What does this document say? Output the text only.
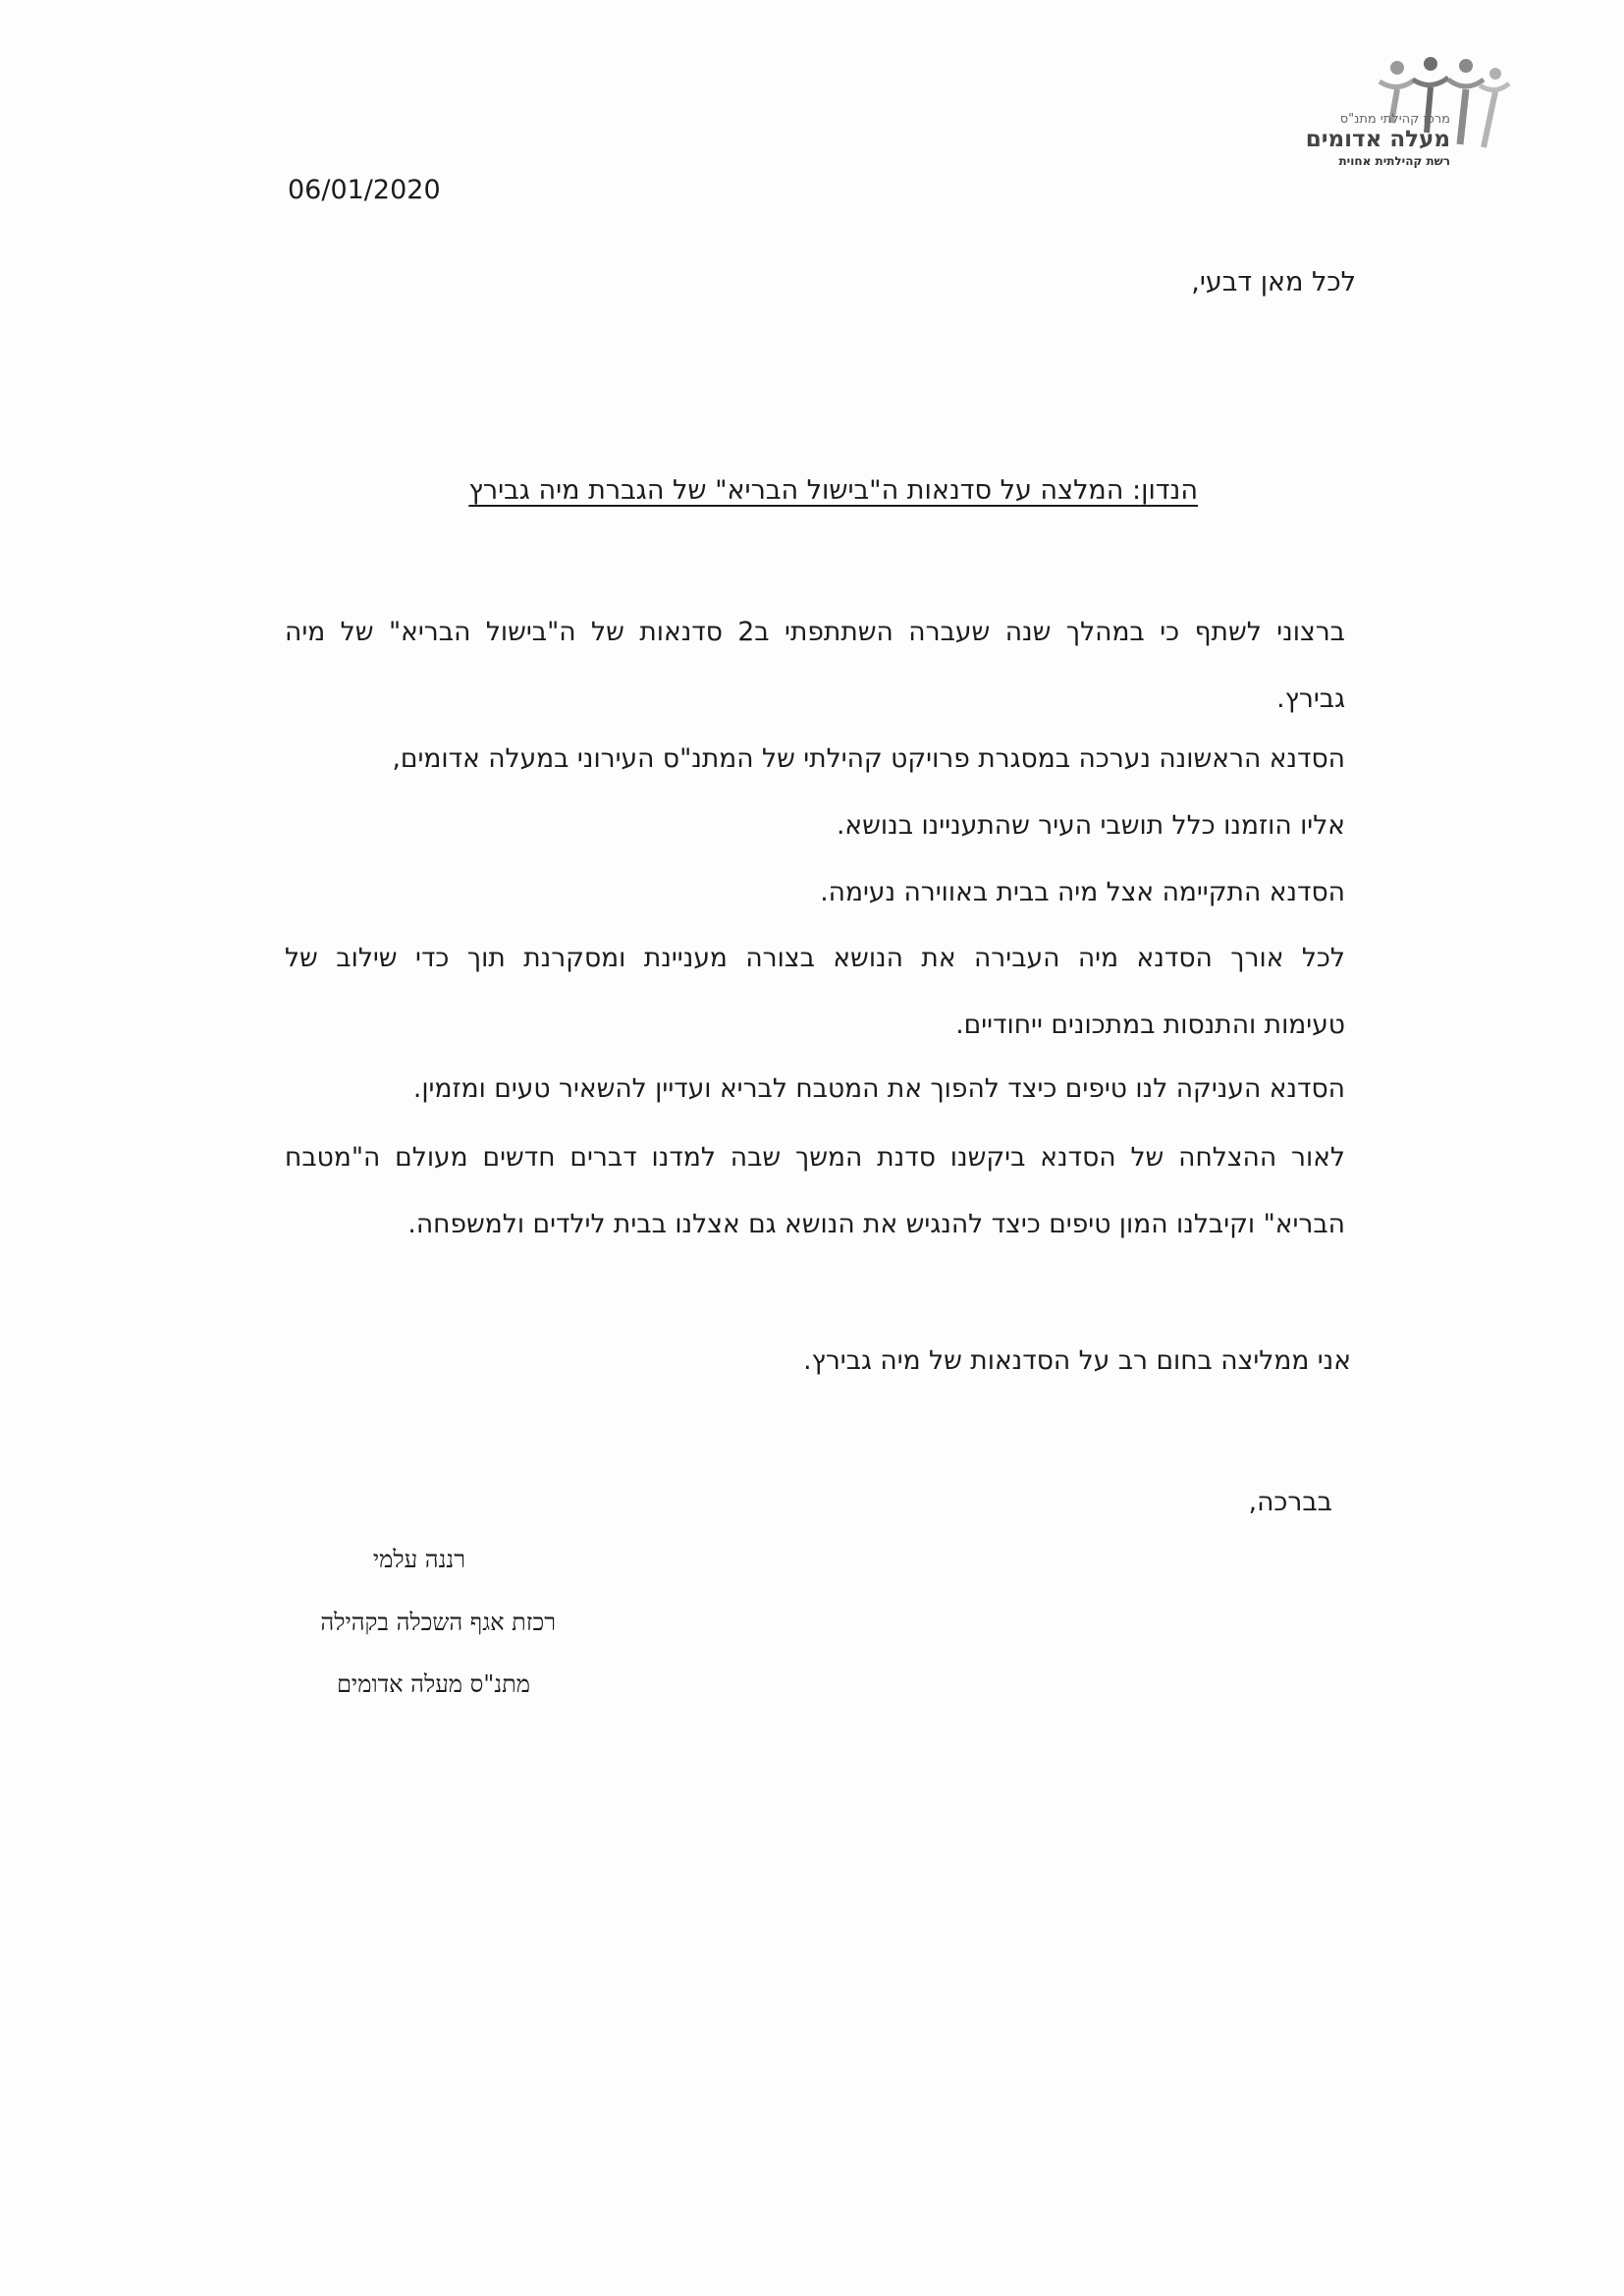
מרכז קהילתי מתנ"ס
מעלה אדומים
רשת קהילתית אחוית
06/01/2020
לכל מאן דבעי,
הנדון: המלצה על סדנאות ה"בישול הבריא" של הגברת מיה גבירץ
ברצוני לשתף כי במהלך שנה שעברה השתתפתי ב2 סדנאות של ה"בישול הבריא" של מיה
גבירץ.
הסדנא הראשונה נערכה במסגרת פרויקט קהילתי של המתנ"ס העירוני במעלה אדומים,
אליו הוזמנו כלל תושבי העיר שהתעניינו בנושא.
הסדנא התקיימה אצל מיה בבית באווירה נעימה.
לכל אורך הסדנא מיה העבירה את הנושא בצורה מעניינת ומסקרנת תוך כדי שילוב של
טעימות והתנסות במתכונים ייחודיים.
הסדנא העניקה לנו טיפים כיצד להפוך את המטבח לבריא ועדיין להשאיר טעים ומזמין.
לאור ההצלחה של הסדנא ביקשנו סדנת המשך שבה למדנו דברים חדשים מעולם ה"מטבח
הבריא" וקיבלנו המון טיפים כיצד להנגיש את הנושא גם אצלנו בבית לילדים ולמשפחה.
אני ממליצה בחום רב על הסדנאות של מיה גבירץ.
בברכה,
רננה עלמי
רכזת אגף השכלה בקהילה
מתנ"ס מעלה אדומים
